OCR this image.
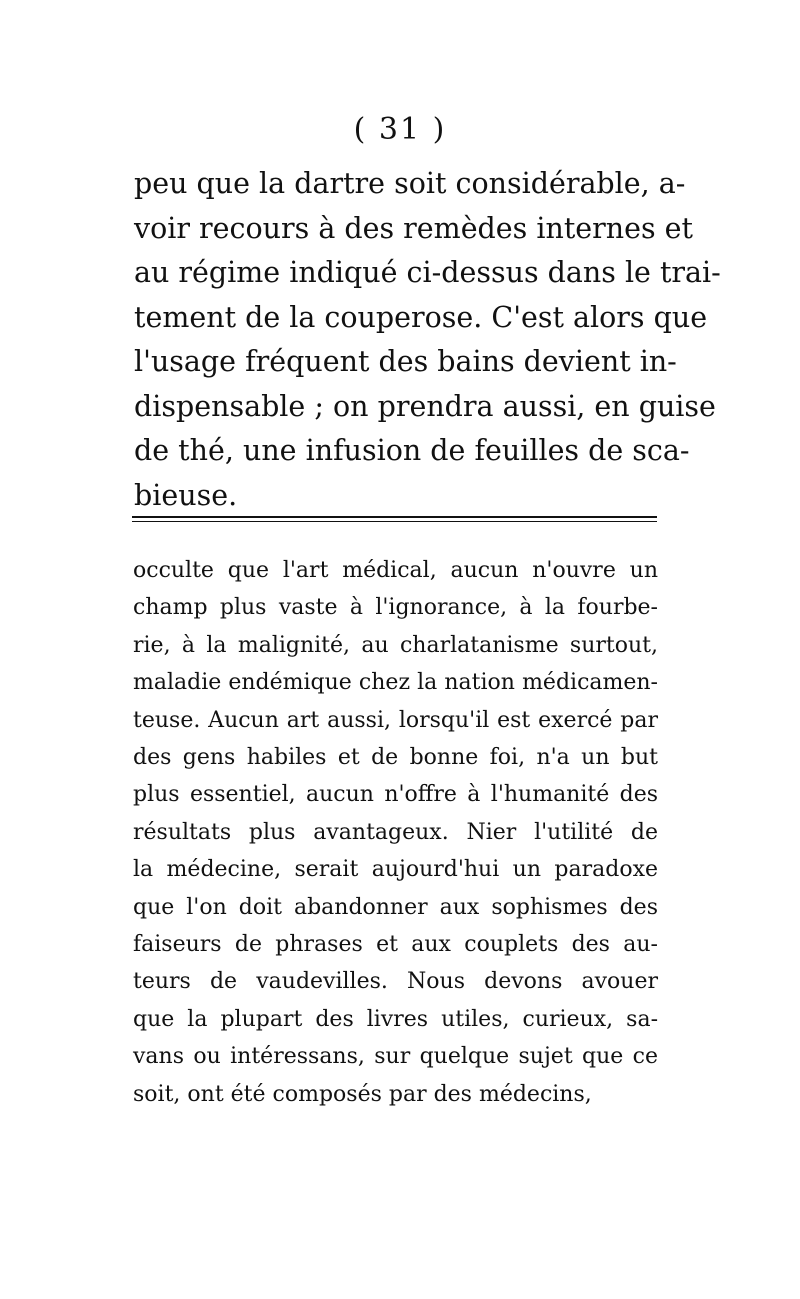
( 31 )
peu que la dartre soit considérable, a-
voir recours à des remèdes internes et
au régime indiqué ci-dessus dans le trai-
tement de la couperose. C'est alors que
l'usage fréquent des bains devient in-
dispensable ; on prendra aussi, en guise
de thé, une infusion de feuilles de sca-
bieuse.
occulte que l'art médical, aucun n'ouvre un
champ plus vaste à l'ignorance, à la fourbe-
rie, à la malignité, au charlatanisme surtout,
maladie endémique chez la nation médicamen-
teuse. Aucun art aussi, lorsqu'il est exercé par
des gens habiles et de bonne foi, n'a un but
plus essentiel, aucun n'offre à l'humanité des
résultats plus avantageux. Nier l'utilité de
la médecine, serait aujourd'hui un paradoxe
que l'on doit abandonner aux sophismes des
faiseurs de phrases et aux couplets des au-
teurs de vaudevilles. Nous devons avouer
que la plupart des livres utiles, curieux, sa-
vans ou intéressans, sur quelque sujet que ce
soit, ont été composés par des médecins,
